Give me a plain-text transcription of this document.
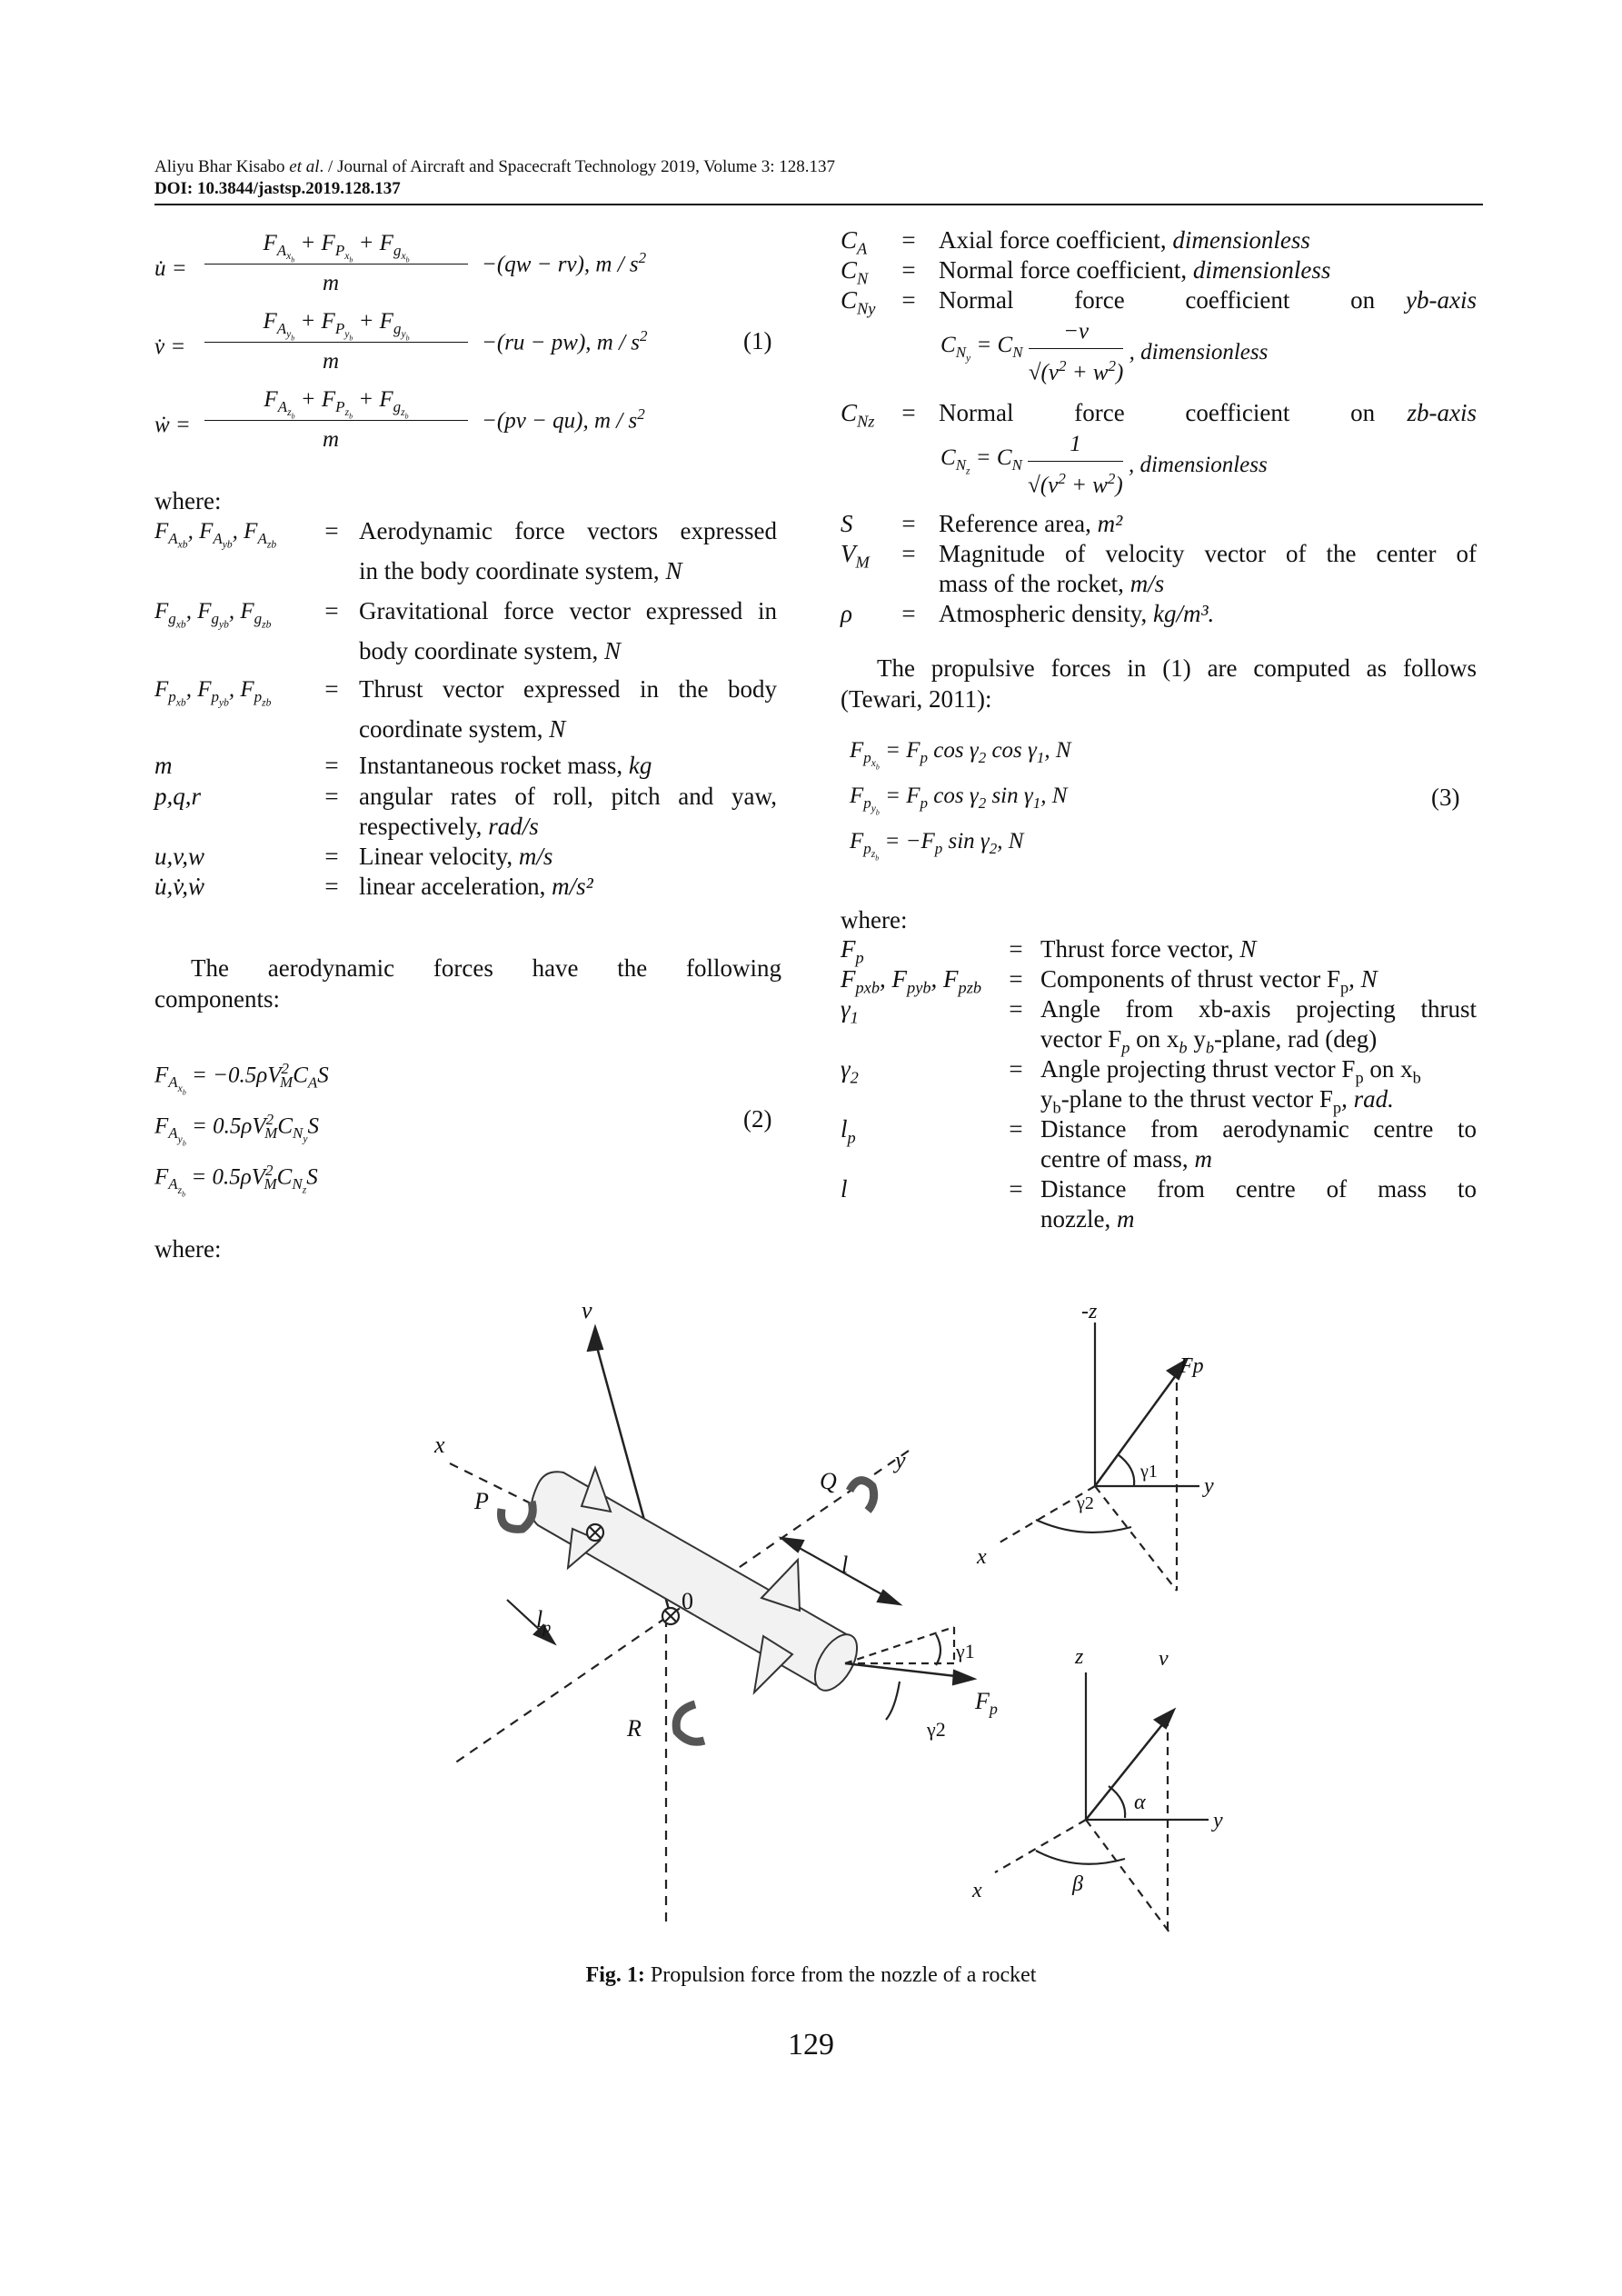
Aliyu Bhar Kisabo et al. / Journal of Aircraft and Spacecraft Technology 2019, Volume 3: 128.137
DOI: 10.3844/jastsp.2019.128.137
u̇ =
$F_{A_{x_b}} + F_{P_{x_b}} + F_{g_{x_b}}$
m
−(qw − rv), m / $s^2$
v̇ =
$F_{A_{y_b}} + F_{P_{y_b}} + F_{g_{y_b}}$
m
−(ru − pw), m / $s^2$
ẇ =
$F_{A_{z_b}} + F_{P_{z_b}} + F_{g_{z_b}}$
m
−(pv − qu), m / $s^2$
(1)
where:
$F_{A_{xb}}$, $F_{A_{yb}}$, $F_{A_{zb}}$ = Aerodynamic force vectors expressed
in the body coordinate system, N
$F_{g_{xb}}$, $F_{g_{yb}}$, $F_{g_{zb}}$ = Gravitational force vector expressed in
body coordinate system, N
$F_{p_{xb}}$, $F_{p_{yb}}$, $F_{p_{zb}}$ = Thrust vector expressed in the body
coordinate system, N
m	= Instantaneous rocket mass, kg
p,q,r	= angular rates of roll, pitch and yaw,
respectively, rad/s
u,v,w	= Linear velocity, m/s
u̇,v̇,ẇ	= linear acceleration, m/s²
The aerodynamic forces have the following
components:
$F_{A_{x_b}} = -0.5\rho V^2_MC_AS$
$F_{A_{y_b}} = 0.5\rho V^2_MC_{N_y}S$
$F_{A_{z_b}} = 0.5\rho V^2_MC_{N_z}S$
(2)
where:
$C_A$ = Axial force coefficient, dimensionless
$C_N$ = Normal force coefficient, dimensionless
$C_{Ny}$ = Normal force coefficient on yb-axis
$C_{N_y} = C_N \frac{-v}{√(v^2 + w^2)}$ , dimensionless
$C_{Nz}$ = Normal force coefficient on zb-axis
$C_{N_z} = C_N \frac{1}{√(v^2 + w^2)}$ , dimensionless
S = Reference area, m²
$V_M$ = Magnitude of velocity vector of the center of
mass of the rocket, m/s
ρ = Atmospheric density, kg/m³.
The propulsive forces in (1) are computed as follows
(Tewari, 2011):
$F_{p_{x_b}} = F_p$ $\cos \gamma_2$ $\cos \gamma_1$, N
$F_{p_{y_b}} = F_p$ $\cos \gamma_2$ $\sin \gamma_1$, N
$F_{p_{z_b}} = -F_p$ $\sin \gamma_2$, N
(3)
where:
$F_p$	= Thrust force vector, N
$F_{pxb}$, $F_{pyb}$, $F_{pzb}$ = Components of thrust vector $F_p$, N
$\gamma_1$	= Angle from xb-axis projecting thrust
vector $F_p$ on $x_b$ $y_b$-plane, rad (deg)
$\gamma_2$	= Angle projecting thrust vector $F_p$ on $x_b$
$y_b$-plane to the thrust vector $F_p$, rad.
$l_p$	= Distance from aerodynamic centre to
centre of mass, m
l	= Distance from centre of mass to
nozzle, m
v
x
y
P
Q
R
l
$l_p$
0
γ1
γ2
$F_p$
-z
Fp
γ1
γ2
y
x
z	v
α
β
y
x
Fig. 1: Propulsion force from the nozzle of a rocket
129
